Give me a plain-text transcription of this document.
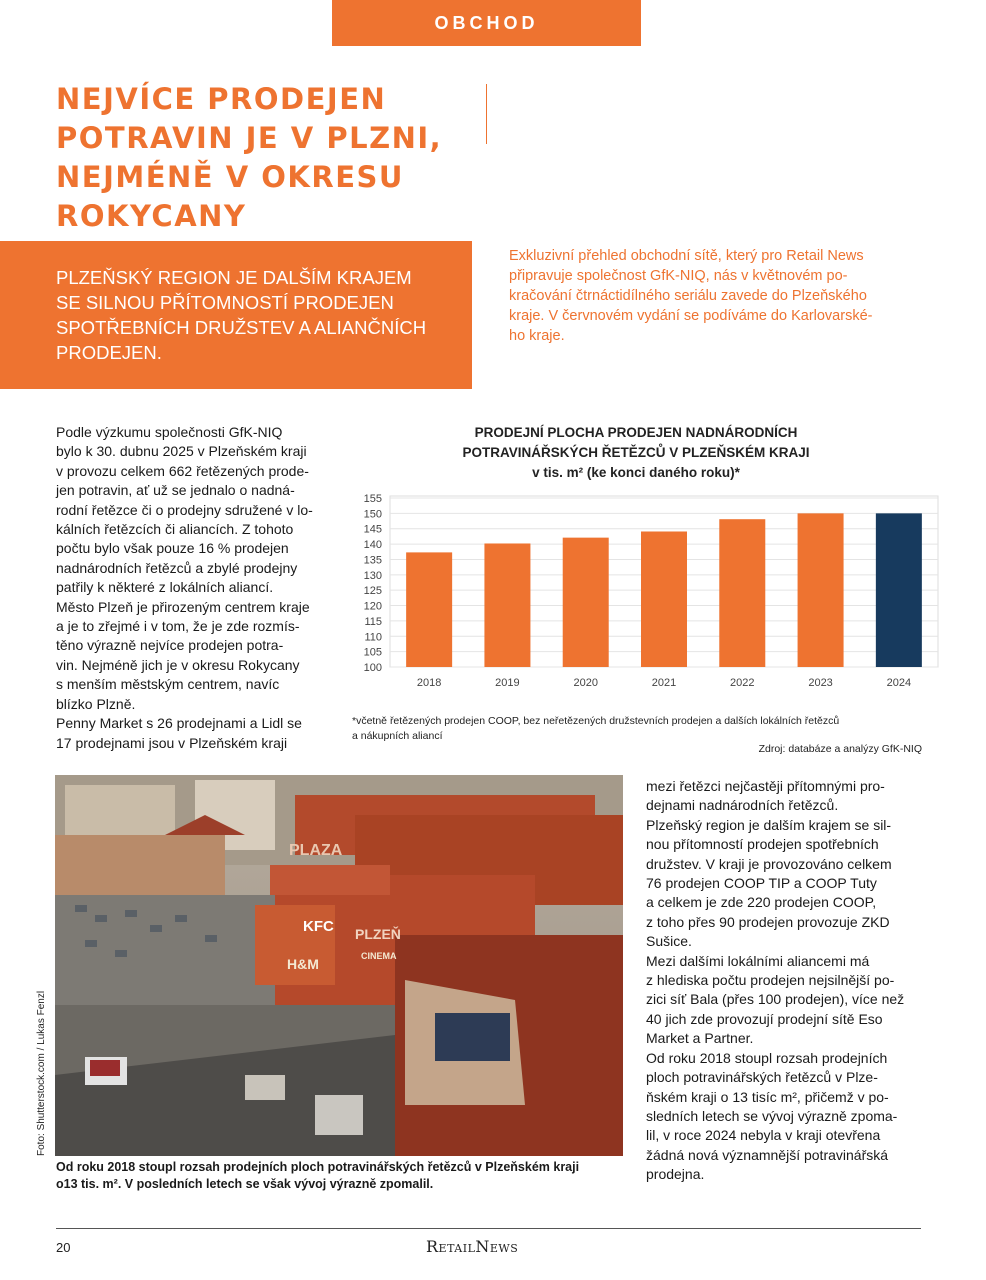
OBCHOD
NEJVÍCE PRODEJEN
POTRAVIN JE V PLZNI,
NEJMÉNĚ V OKRESU
ROKYCANY
PLZEŇSKÝ REGION JE DALŠÍM KRAJEM
SE SILNOU PŘÍTOMNOSTÍ PRODEJEN
SPOTŘEBNÍCH DRUŽSTEV A ALIANČNÍCH
PRODEJEN.
Exkluzivní přehled obchodní sítě, který pro Retail News
připravuje společnost GfK-NIQ, nás v květnovém po-
kračování čtrnáctidílného seriálu zavede do Plzeňského
kraje. V červnovém vydání se podíváme do Karlovarské-
ho kraje.
Podle výzkumu společnosti GfK-NIQ
bylo k 30. dubnu 2025 v Plzeňském kraji
v provozu celkem 662 řetězených prode-
jen potravin, ať už se jednalo o nadná-
rodní řetězce či o prodejny sdružené v lo-
kálních řetězcích či aliancích. Z tohoto
počtu bylo však pouze 16 % prodejen
nadnárodních řetězců a zbylé prodejny
patřily k některé z lokálních aliancí.
Město Plzeň je přirozeným centrem kraje
a je to zřejmé i v tom, že je zde rozmís-
těno výrazně nejvíce prodejen potra-
vin. Nejméně jich je v okresu Rokycany
s menším městským centrem, navíc
blízko Plzně.
Penny Market s 26 prodejnami a Lidl se
17 prodejnami jsou v Plzeňském kraji
mezi řetězci nejčastěji přítomnými pro-
dejnami nadnárodních řetězců.
Plzeňský region je dalším krajem se sil-
nou přítomností prodejen spotřebních
družstev. V kraji je provozováno celkem
76 prodejen COOP TIP a COOP Tuty
a celkem je zde 220 prodejen COOP,
z toho přes 90 prodejen provozuje ZKD
Sušice.
Mezi dalšími lokálními aliancemi má
z hlediska počtu prodejen nejsilnější po-
zici síť Bala (přes 100 prodejen), více než
40 jich zde provozují prodejní sítě Eso
Market a Partner.
Od roku 2018 stoupl rozsah prodejních
ploch potravinářských řetězců v Plze-
ňském kraji o 13 tisíc m², přičemž v po-
sledních letech se vývoj výrazně zpoma-
lil, v roce 2024 nebyla v kraji otevřena
žádná nová významnější potravinářská
prodejna.
PRODEJNÍ PLOCHA PRODEJEN NADNÁRODNÍCH
POTRAVINÁŘSKÝCH ŘETĚZCŮ V PLZEŇSKÉM KRAJI
v tis. m² (ke konci daného roku)*
155
150
145
140
135
130
125
120
115
110
105
100
2018	2019	2020	2021	2022	2023	2024
*včetně řetězených prodejen COOP, bez neřetězených družstevních prodejen a dalších lokálních řetězců
a nákupních aliancí
Zdroj: databáze a analýzy GfK-NIQ
PLAZA
KFC PLZEŇ
H&M	CINEMA
Foto: Shutterstock.com / Lukas Fenzl
Od roku 2018 stoupl rozsah prodejních ploch potravinářských řetězců v Plzeňském kraji
o13 tis. m². V posledních letech se však vývoj výrazně zpomalil.
20	RetailNews
